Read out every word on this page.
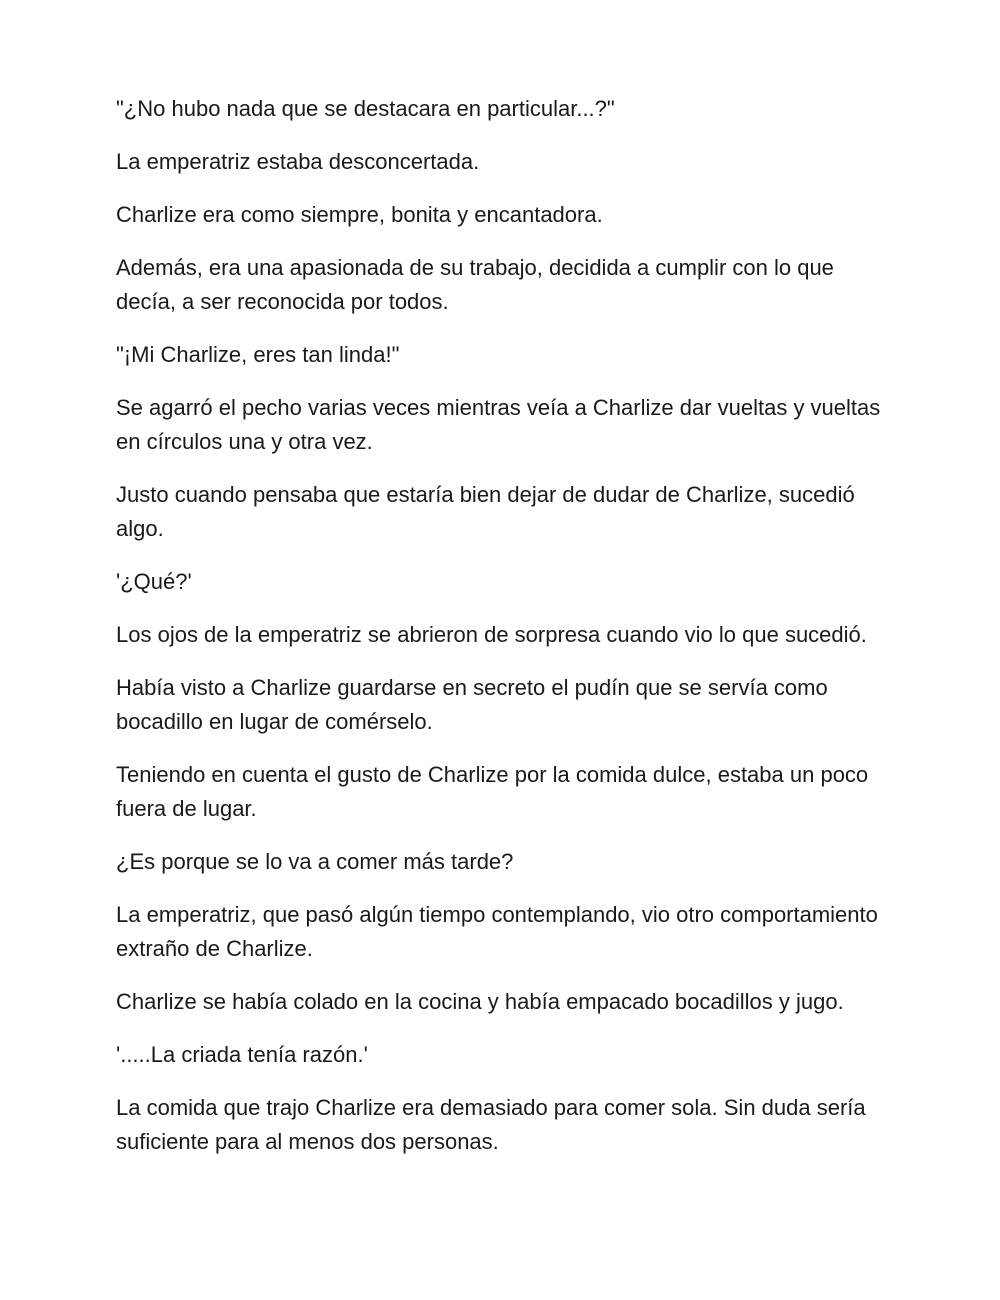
"¿No hubo nada que se destacara en particular...?"

La emperatriz estaba desconcertada.

Charlize era como siempre, bonita y encantadora.

Además, era una apasionada de su trabajo, decidida a cumplir con lo que decía, a ser reconocida por todos.

"¡Mi Charlize, eres tan linda!"

Se agarró el pecho varias veces mientras veía a Charlize dar vueltas y vueltas en círculos una y otra vez.

Justo cuando pensaba que estaría bien dejar de dudar de Charlize, sucedió algo.

'¿Qué?'

Los ojos de la emperatriz se abrieron de sorpresa cuando vio lo que sucedió.

Había visto a Charlize guardarse en secreto el pudín que se servía como bocadillo en lugar de comérselo.

Teniendo en cuenta el gusto de Charlize por la comida dulce, estaba un poco fuera de lugar.

¿Es porque se lo va a comer más tarde?

La emperatriz, que pasó algún tiempo contemplando, vio otro comportamiento extraño de Charlize.

Charlize se había colado en la cocina y había empacado bocadillos y jugo.

'.....La criada tenía razón.'

La comida que trajo Charlize era demasiado para comer sola. Sin duda sería suficiente para al menos dos personas.
